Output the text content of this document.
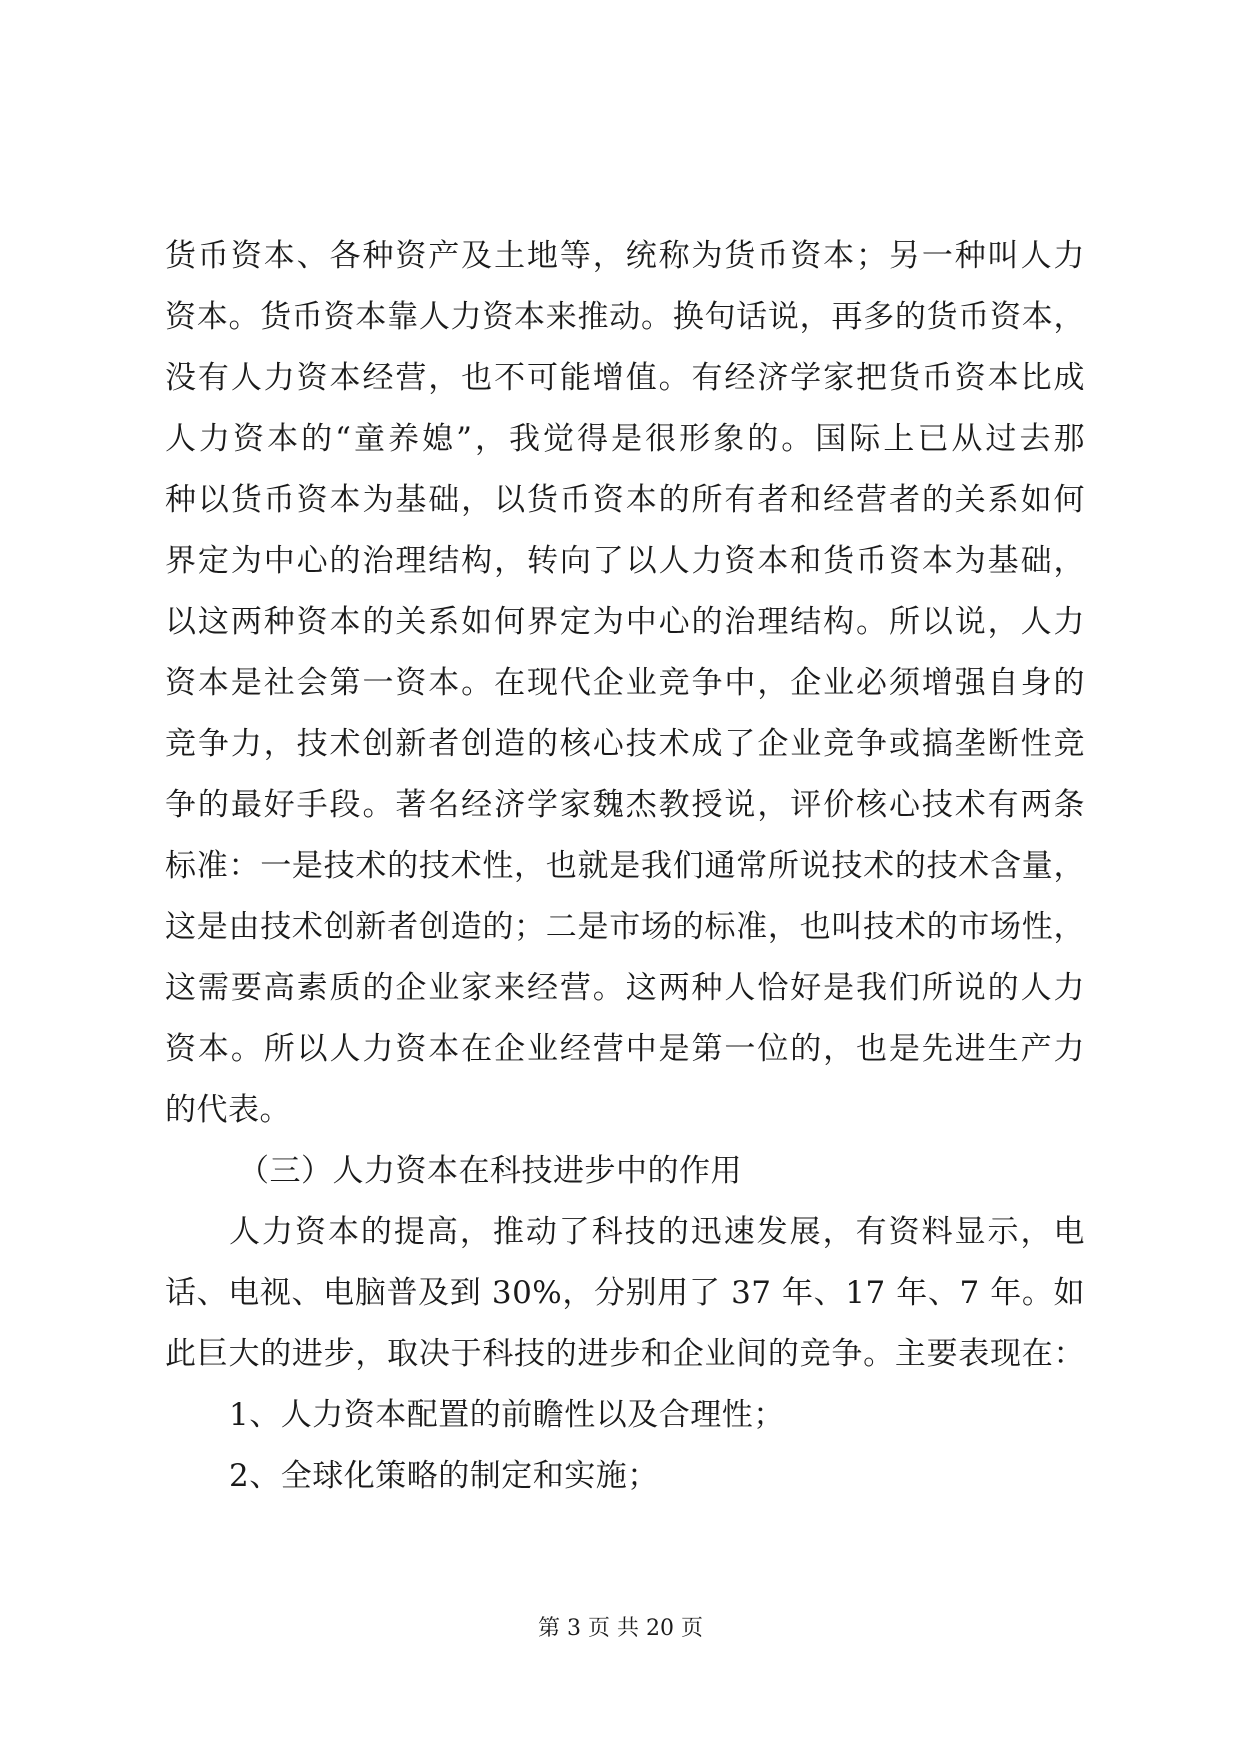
货币资本、各种资产及土地等，统称为货币资本；另一种叫人力
资本。货币资本靠人力资本来推动。换句话说，再多的货币资本，
没有人力资本经营，也不可能增值。有经济学家把货币资本比成
人力资本的“童养媳”，我觉得是很形象的。国际上已从过去那
种以货币资本为基础，以货币资本的所有者和经营者的关系如何
界定为中心的治理结构，转向了以人力资本和货币资本为基础，
以这两种资本的关系如何界定为中心的治理结构。所以说，人力
资本是社会第一资本。在现代企业竞争中，企业必须增强自身的
竞争力，技术创新者创造的核心技术成了企业竞争或搞垄断性竞
争的最好手段。著名经济学家魏杰教授说，评价核心技术有两条
标准：一是技术的技术性，也就是我们通常所说技术的技术含量，
这是由技术创新者创造的；二是市场的标准，也叫技术的市场性，
这需要高素质的企业家来经营。这两种人恰好是我们所说的人力
资本。所以人力资本在企业经营中是第一位的，也是先进生产力
的代表。
（三）人力资本在科技进步中的作用
人力资本的提高，推动了科技的迅速发展，有资料显示，电
话、电视、电脑普及到 30%，分别用了 37 年、17 年、7 年。如
此巨大的进步，取决于科技的进步和企业间的竞争。主要表现在：
1、人力资本配置的前瞻性以及合理性；
2、全球化策略的制定和实施；
第 3 页 共 20 页
